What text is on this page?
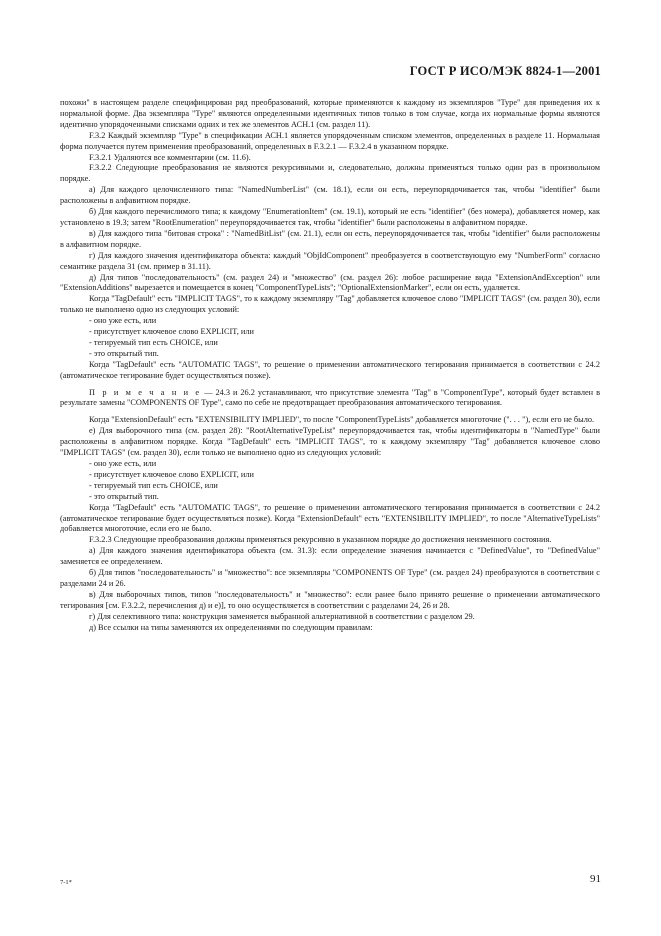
ГОСТ Р ИСО/МЭК 8824-1—2001

похожи" в настоящем разделе специфицирован ряд преобразований, которые применяются к каждому из экземпляров "Type" для приведения их к нормальной форме. Два экземпляра "Type" являются определенными идентичных типов только в том случае, когда их нормальные формы являются идентично упорядоченными списками одних и тех же элементов АСН.1 (см. раздел 11).

F.3.2 Каждый экземпляр "Type" в спецификации АСН.1 является упорядоченным списком элементов, определенных в разделе 11. Нормальная форма получается путем применения преобразований, определенных в F.3.2.1 — F.3.2.4 в указанном порядке.

F.3.2.1 Удаляются все комментарии (см. 11.6).

F.3.2.2 Следующие преобразования не являются рекурсивными и, следовательно, должны применяться только один раз в произвольном порядке.

а) Для каждого целочисленного типа: "NamedNumberList" (см. 18.1), если он есть, переупорядочивается так, чтобы "identifier" были расположены в алфавитном порядке.

б) Для каждого перечислимого типа; к каждому "EnumerationItem" (см. 19.1), который не есть "identifier" (без номера), добавляется номер, как установлено в 19.3; затем "RootEnumeration" переупорядочивается так, чтобы "identifier" были расположены в алфавитном порядке.

в) Для каждого типа "битовая строка" : "NamedBitList" (см. 21.1), если он есть, переупорядочивается так, чтобы "identifier" были расположены в алфавитном порядке.

г) Для каждого значения идентификатора объекта: каждый "ObjIdComponent" преобразуется в соответствующую ему "NumberForm" согласно семантике раздела 31 (см. пример в 31.11).

д) Для типов "последовательность" (см. раздел 24) и "множество" (см. раздел 26): любое расширение вида "ExtensionAndException" или "ExtensionAdditions" вырезается и помещается в конец "ComponentTypeLists"; "OptionalExtensionMarker", если он есть, удаляется.

Когда "TagDefault" есть "IMPLICIT TAGS", то к каждому экземпляру "Tag" добавляется ключевое слово "IMPLICIT TAGS" (см. раздел 30), если только не выполнено одно из следующих условий:

- оно уже есть, или

- присутствует ключевое слово EXPLICIT, или

- тегируемый тип есть CHOICE, или

- это открытый тип.

Когда "TagDefault" есть "AUTOMATIC TAGS", то решение о применении автоматического тегирования принимается в соответствии с 24.2 (автоматическое тегирование будет осуществляться позже).

П р и м е ч а н и е — 24.3 и 26.2 устанавливают, что присутствие элемента "Tag" в "ComponentType", который будет вставлен в результате замены "COMPONENTS OF Type", само по себе не предотвращает преобразования автоматического тегирования.

Когда "ExtensionDefault" есть "EXTENSIBILITY IMPLIED", то после "ComponentTypeLists" добавляется многоточие (". . . "), если его не было.

е) Для выборочного типа (см. раздел 28): "RootAlternativeTypeList" переупорядочивается так, чтобы идентификаторы в "NamedType" были расположены в алфавитном порядке. Когда "TagDefault" есть "IMPLICIT TAGS", то к каждому экземпляру "Tag" добавляется ключевое слово "IMPLICIT TAGS" (см. раздел 30), если только не выполнено одно из следующих условий:

- оно уже есть, или

- присутствует ключевое слово EXPLICIT, или

- тегируемый тип есть CHOICE, или

- это открытый тип.

Когда "TagDefault" есть "AUTOMATIC TAGS", то решение о применении автоматического тегирования принимается в соответствии с 24.2 (автоматическое тегирование будет осуществляться позже). Когда "ExtensionDefault" есть "EXTENSIBILITY IMPLIED", то после "AlternativeTypeLists" добавляется многоточие, если его не было.

F.3.2.3 Следующие преобразования должны применяться рекурсивно в указанном порядке до достижения неизменного состояния.

а) Для каждого значения идентификатора объекта (см. 31.3): если определение значения начинается с "DefinedValue", то "DefinedValue" заменяется ее определением.

б) Для типов "последовательность" и "множество": все экземпляры "COMPONENTS OF Type" (см. раздел 24) преобразуются в соответствии с разделами 24 и 26.

в) Для выборочных типов, типов "последовательность" и "множество": если ранее было принято решение о применении автоматического тегирования [см. F.3.2.2, перечисления д) и е)], то оно осуществляется в соответствии с разделами 24, 26 и 28.

г) Для селективного типа: конструкция заменяется выбранной альтернативной в соответствии с разделом 29.

д) Все ссылки на типы заменяются их определениями по следующим правилам:

7-1*	91
